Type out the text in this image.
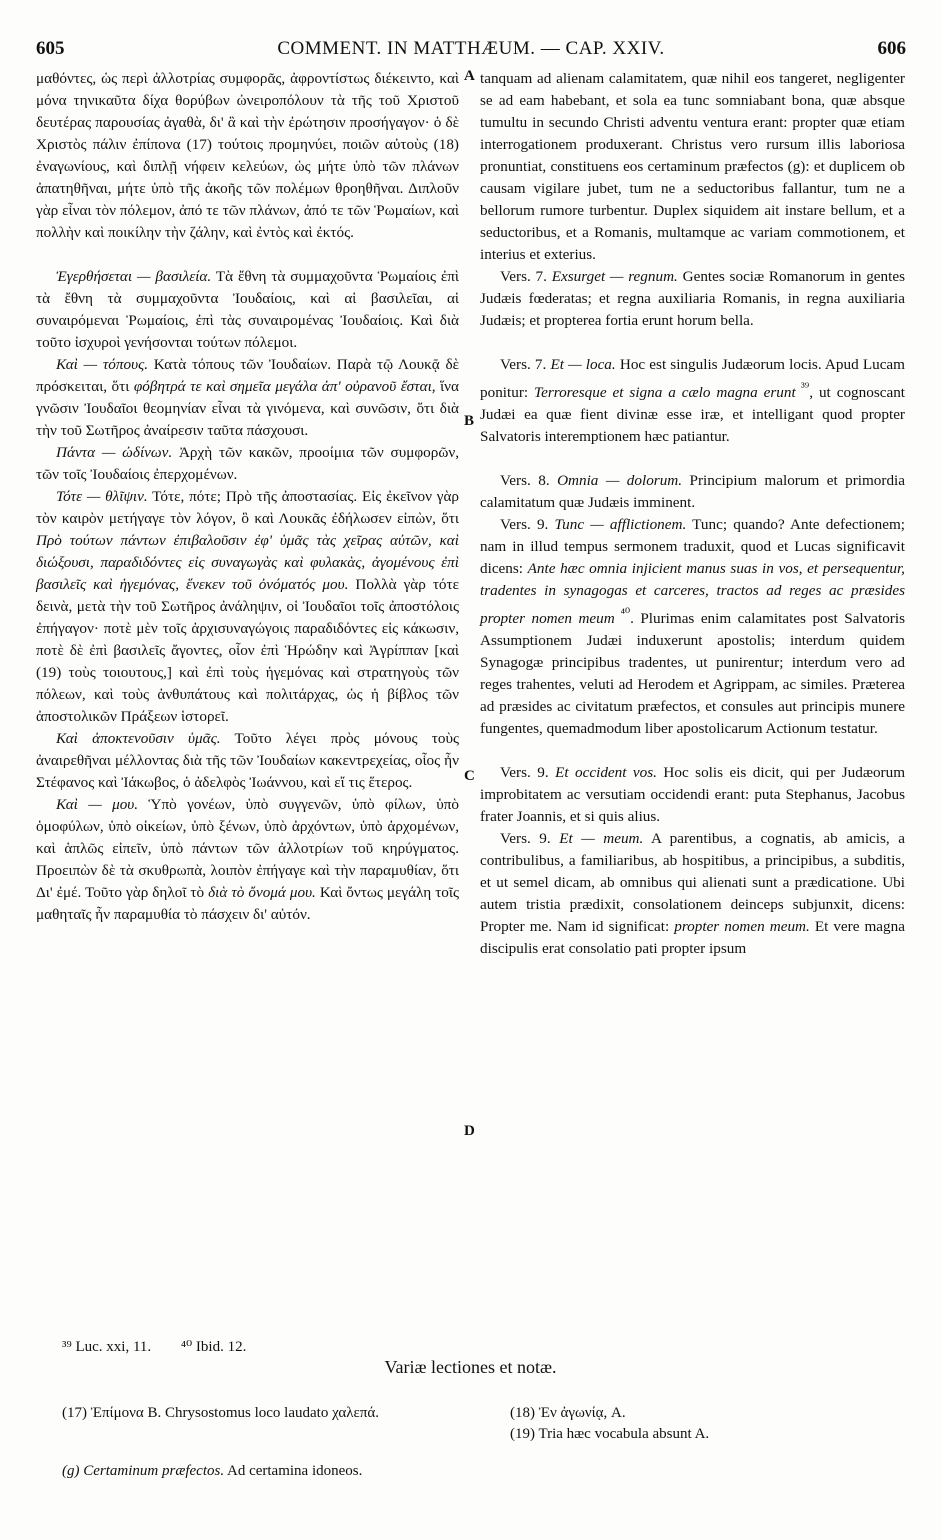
605	COMMENT. IN MATTHÆUM. — CAP. XXIV.	606
A
B
C
D

μαθόντες, ὡς περὶ ἀλλοτρίας συμφορᾶς, ἀφροντίστως διέκειντο, καὶ μόνα τηνικαῦτα δίχα θορύβων ὠνειροπόλουν τὰ τῆς τοῦ Χριστοῦ δευτέρας παρουσίας ἀγαθὰ, δι' ἃ καὶ τὴν ἐρώτησιν προσήγαγον· ὁ δὲ Χριστὸς πάλιν ἐπίπονα (17) τούτοις προμηνύει, ποιῶν αὐτοὺς (18) ἐναγωνίους, καὶ διπλῇ νήφειν κελεύων, ὡς μήτε ὑπὸ τῶν πλάνων ἀπατηθῆναι, μήτε ὑπὸ τῆς ἀκοῆς τῶν πολέμων θροηθῆναι. Διπλοῦν γὰρ εἶναι τὸν πόλεμον, ἀπό τε τῶν πλάνων, ἀπό τε τῶν Ῥωμαίων, καὶ πολλὴν καὶ ποικίλην τὴν ζάλην, καὶ ἐντὸς καὶ ἐκτός.

Ἐγερθήσεται — βασιλεία. Τὰ ἔθνη τὰ συμμαχοῦντα Ῥωμαίοις ἐπὶ τὰ ἔθνη τὰ συμμαχοῦντα Ἰουδαίοις, καὶ αἱ βασιλεῖαι, αἱ συναιρόμεναι Ῥωμαίοις, ἐπὶ τὰς συναιρομένας Ἰουδαίοις. Καὶ διὰ τοῦτο ἰσχυροὶ γενήσονται τούτων πόλεμοι.

Καὶ — τόπους. Κατὰ τόπους τῶν Ἰουδαίων. Παρὰ τῷ Λουκᾷ δὲ πρόσκειται, ὅτι φόβητρά τε καὶ σημεῖα μεγάλα ἀπ' οὐρανοῦ ἔσται, ἵνα γνῶσιν Ἰουδαῖοι θεομηνίαν εἶναι τὰ γινόμενα, καὶ συνῶσιν, ὅτι διὰ τὴν τοῦ Σωτῆρος ἀναίρεσιν ταῦτα πάσχουσι.

Πάντα — ὠδίνων. Ἀρχὴ τῶν κακῶν, προοίμια τῶν συμφορῶν, τῶν τοῖς Ἰουδαίοις ἐπερχομένων.

Τότε — θλῖψιν. Τότε, πότε; Πρὸ τῆς ἀποστασίας. Εἰς ἐκεῖνον γὰρ τὸν καιρὸν μετήγαγε τὸν λόγον, ὃ καὶ Λουκᾶς ἐδήλωσεν εἰπὼν, ὅτι Πρὸ τούτων πάντων ἐπιβαλοῦσιν ἐφ' ὑμᾶς τὰς χεῖρας αὐτῶν, καὶ διώξουσι, παραδιδόντες εἰς συναγωγὰς καὶ φυλακὰς, ἀγομένους ἐπὶ βασιλεῖς καὶ ἡγεμόνας, ἕνεκεν τοῦ ὀνόματός μου. Πολλὰ γὰρ τότε δεινὰ, μετὰ τὴν τοῦ Σωτῆρος ἀνάληψιν, οἱ Ἰουδαῖοι τοῖς ἀποστόλοις ἐπήγαγον· ποτὲ μὲν τοῖς ἀρχισυναγώγοις παραδιδόντες εἰς κάκωσιν, ποτὲ δὲ ἐπὶ βασιλεῖς ἄγοντες, οἷον ἐπὶ Ἡρώδην καὶ Ἀγρίππαν [καὶ (19) τοὺς τοιουτους,] καὶ ἐπὶ τοὺς ἡγεμόνας καὶ στρατηγοὺς τῶν πόλεων, καὶ τοὺς ἀνθυπάτους καὶ πολιτάρχας, ὡς ἡ βίβλος τῶν ἀποστολικῶν Πράξεων ἱστορεῖ.

Καὶ ἀποκτενοῦσιν ὑμᾶς. Τοῦτο λέγει πρὸς μόνους τοὺς ἀναιρεθῆναι μέλλοντας διὰ τῆς τῶν Ἰουδαίων κακεντρεχείας, οἷος ἦν Στέφανος καὶ Ἰάκωβος, ὁ ἀδελφὸς Ἰωάννου, καὶ εἴ τις ἕτερος.

Καὶ — μου. Ὑπὸ γονέων, ὑπὸ συγγενῶν, ὑπὸ φίλων, ὑπὸ ὁμοφύλων, ὑπὸ οἰκείων, ὑπὸ ξένων, ὑπὸ ἀρχόντων, ὑπὸ ἀρχομένων, καὶ ἁπλῶς εἰπεῖν, ὑπὸ πάντων τῶν ἀλλοτρίων τοῦ κηρύγματος. Προειπὼν δὲ τὰ σκυθρωπὰ, λοιπὸν ἐπήγαγε καὶ τὴν παραμυθίαν, ὅτι Δι' ἐμέ. Τοῦτο γὰρ δηλοῖ τὸ διὰ τὸ ὄνομά μου. Καὶ ὄντως μεγάλη τοῖς μαθηταῖς ἦν παραμυθία τὸ πάσχειν δι' αὐτόν.

tanquam ad alienam calamitatem, quæ nihil eos tangeret, negligenter se ad eam habebant, et sola ea tunc somniabant bona, quæ absque tumultu in secundo Christi adventu ventura erant: propter quæ etiam interrogationem produxerant. Christus vero rursum illis laboriosa pronuntiat, constituens eos certaminum præfectos (g): et duplicem ob causam vigilare jubet, tum ne a seductoribus fallantur, tum ne a bellorum rumore turbentur. Duplex siquidem ait instare bellum, et a seductoribus, et a Romanis, multamque ac variam commotionem, et interius et exterius.

Vers. 7. Exsurget — regnum. Gentes sociæ Romanorum in gentes Judæis fœderatas; et regna auxiliaria Romanis, in regna auxiliaria Judæis; et propterea fortia erunt horum bella.

Vers. 7. Et — loca. Hoc est singulis Judæorum locis. Apud Lucam ponitur: Terroresque et signa a cælo magna erunt $^{^{39}}$, ut cognoscant Judæi ea quæ fient divinæ esse iræ, et intelligant quod propter Salvatoris interemptionem hæc patiantur.

Vers. 8. Omnia — dolorum. Principium malorum et primordia calamitatum quæ Judæis imminent.

Vers. 9. Tunc — afflictionem. Tunc; quando? Ante defectionem; nam in illud tempus sermonem traduxit, quod et Lucas significavit dicens: Ante hæc omnia injicient manus suas in vos, et persequentur, tradentes in synagogas et carceres, tractos ad reges ac præsides propter nomen meum $^{^{40}}$. Plurimas enim calamitates post Salvatoris Assumptionem Judæi induxerunt apostolis; interdum quidem Synagogæ principibus tradentes, ut punirentur; interdum vero ad reges trahentes, veluti ad Herodem et Agrippam, ac similes. Præterea ad præsides ac civitatum præfectos, et consules aut principis munere fungentes, quemadmodum liber apostolicarum Actionum testatur.

Vers. 9. Et occident vos. Hoc solis eis dicit, qui per Judæorum improbitatem ac versutiam occidendi erant: puta Stephanus, Jacobus frater Joannis, et si quis alius.

Vers. 9. Et — meum. A parentibus, a cognatis, ab amicis, a contribulibus, a familiaribus, ab hospitibus, a principibus, a subditis, et ut semel dicam, ab omnibus qui alienati sunt a prædicatione. Ubi autem tristia prædixit, consolationem deinceps subjunxit, dicens: Propter me. Nam id significat: propter nomen meum. Et vere magna discipulis erat consolatio pati propter ipsum

³⁹ Luc. xxi, 11. ⁴⁰ Ibid. 12.
Variæ lectiones et notæ.
(17) Ἐπίμονα B. Chrysostomus loco laudato χαλεπά.	(18) Ἐν ἀγωνίᾳ, A.
(19) Tria hæc vocabula absunt A.
(g) Certaminum præfectos. Ad certamina idoneos.
